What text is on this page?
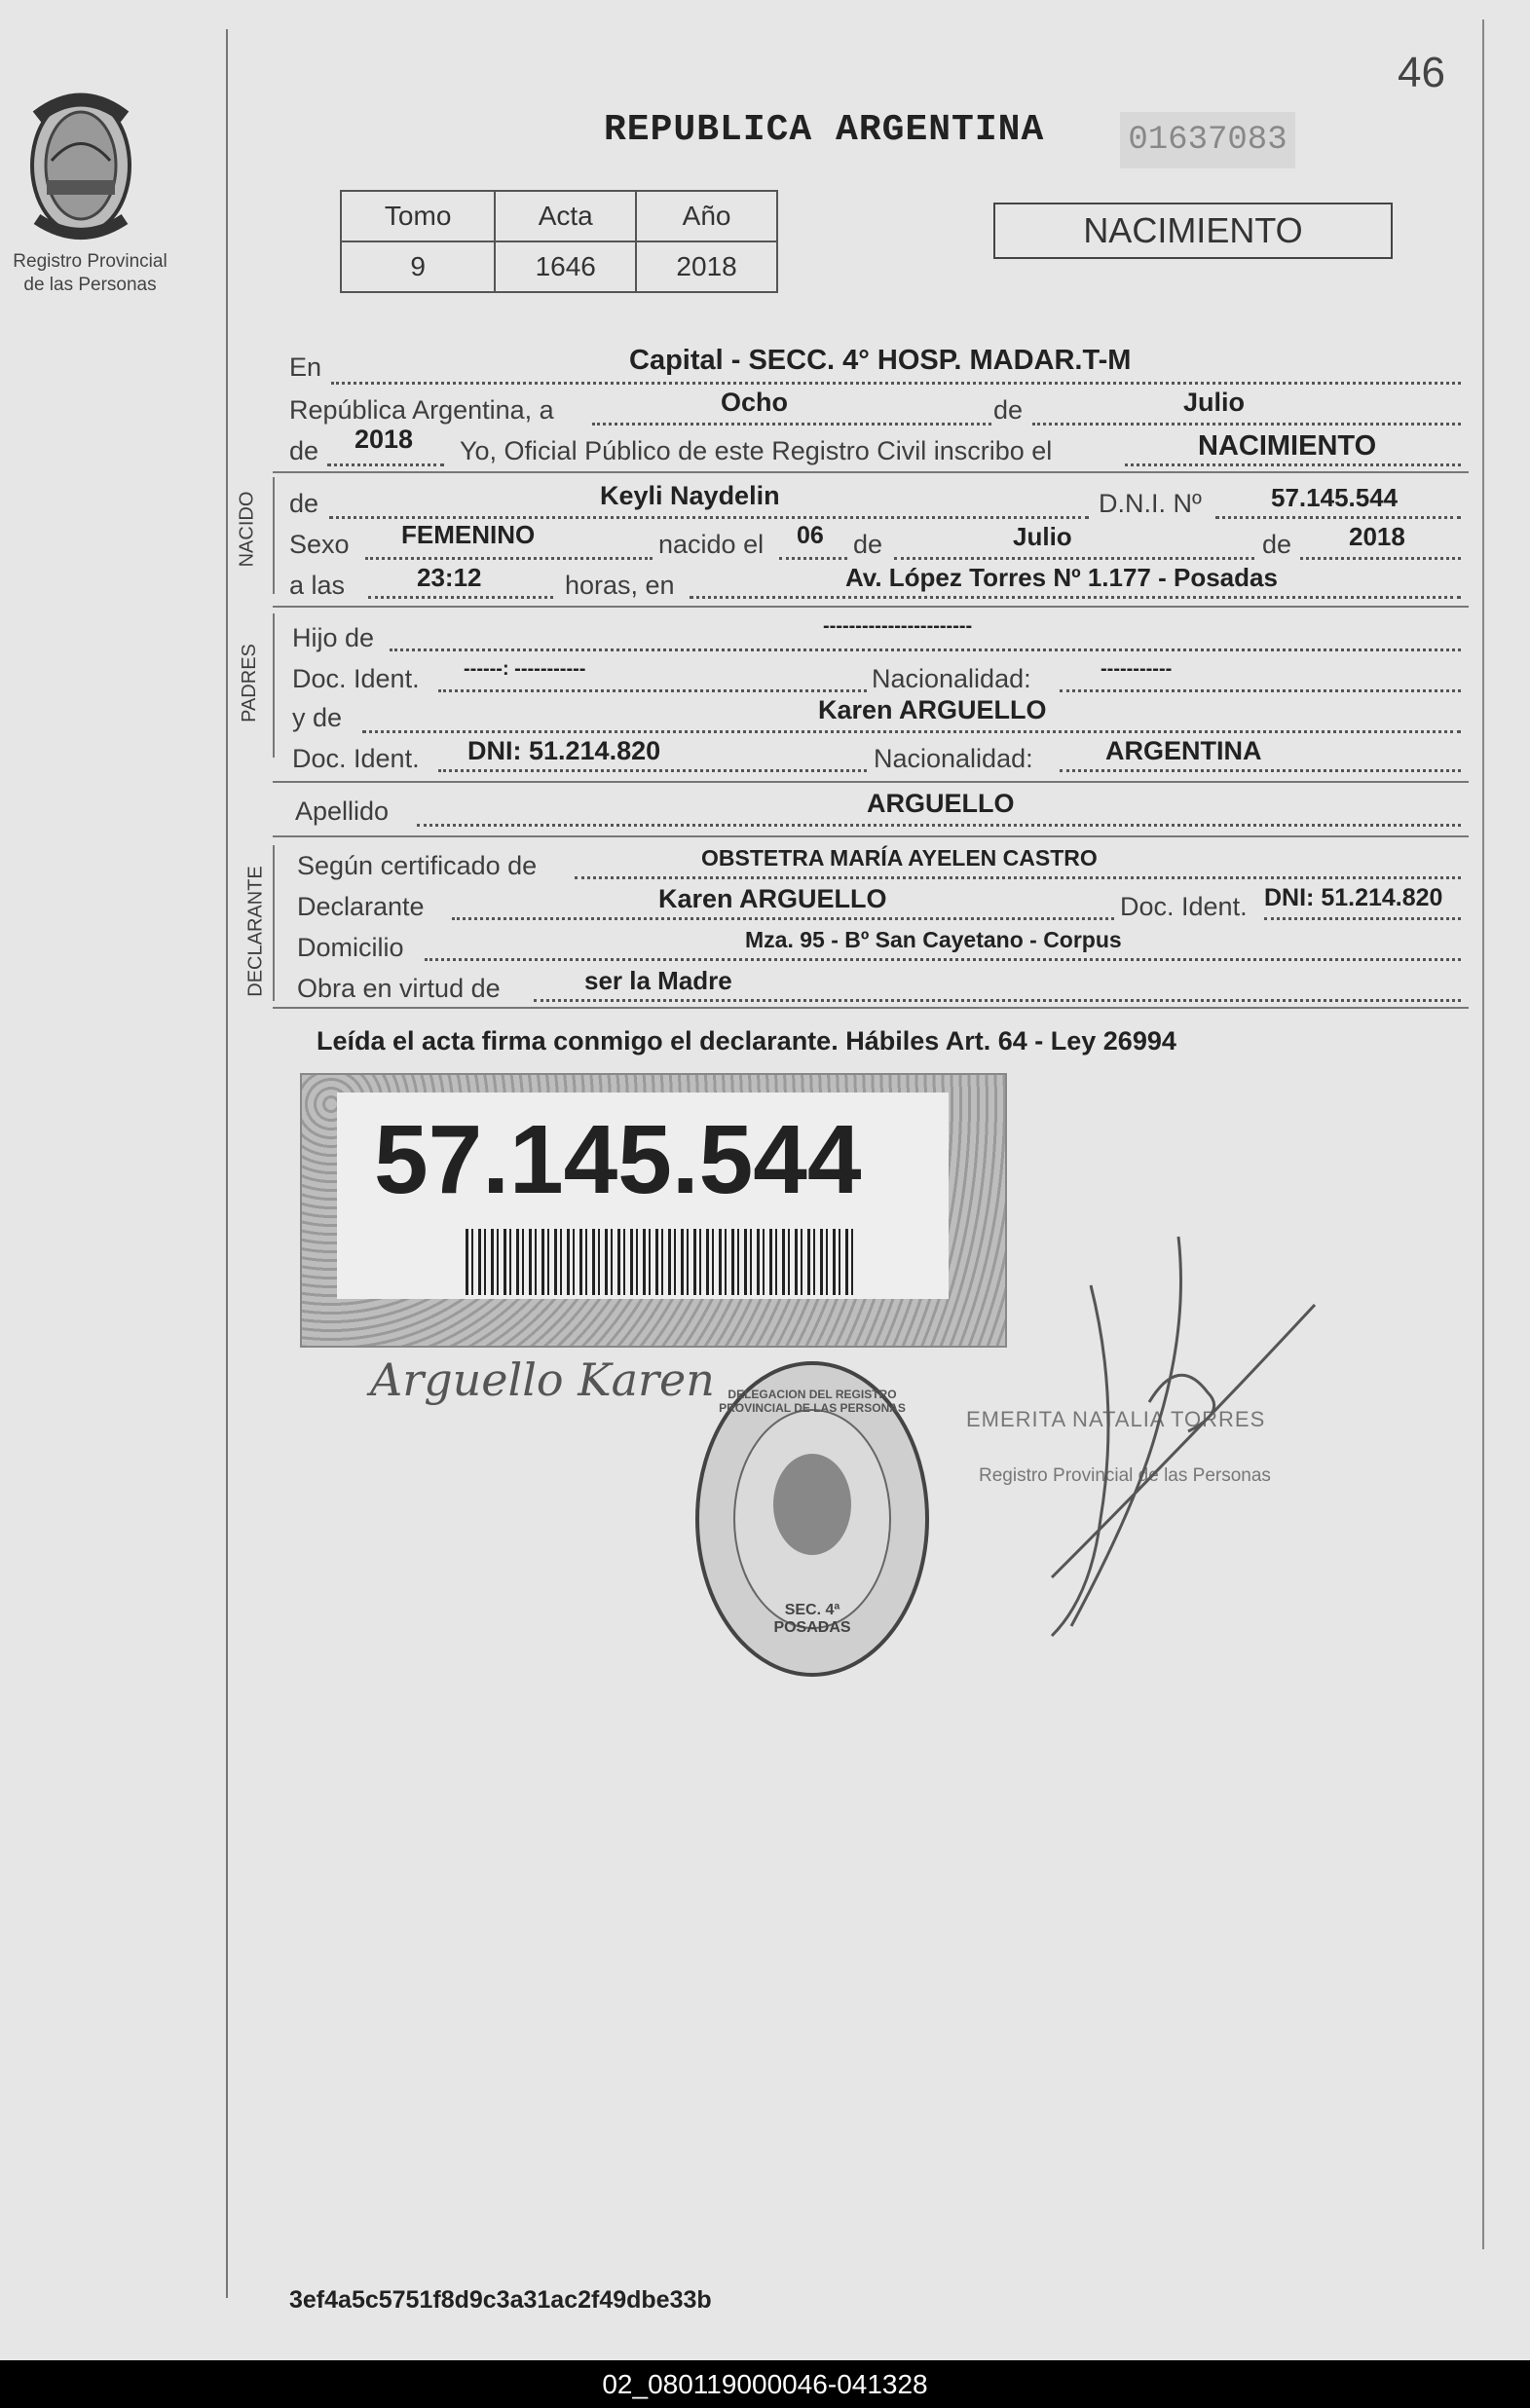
46
Registro Provincial
de las Personas
REPUBLICA ARGENTINA	01637083
Tomo	Acta	Año
9	1646	2018
NACIMIENTO
En	Capital - SECC. 4° HOSP. MADAR.T-M
República Argentina, a	Ocho	de	Julio
de 2018 Yo, Oficial Público de este Registro Civil inscribo el	NACIMIENTO
NACIDO de	Keyli Naydelin	D.N.I. Nº	57.145.544
Sexo FEMENINO	nacido el 06 de	Julio	de 2018
a las	23:12	horas, en	Av. López Torres Nº 1.177 - Posadas
PADRES
Hijo de	-----------------------
Doc. Ident. ------: -----------	Nacionalidad:	-----------
y de	Karen ARGUELLO
Doc. Ident. DNI: 51.214.820	Nacionalidad:	ARGENTINA
Apellido	ARGUELLO
DECLARANTE
Según certificado de	OBSTETRA MARÍA AYELEN CASTRO
Declarante	Karen ARGUELLO	Doc. Ident. DNI: 51.214.820
Domicilio	Mza. 95 - Bº San Cayetano - Corpus
Obra en virtud de	ser la Madre
Leída el acta firma conmigo el declarante. Hábiles Art. 64 - Ley 26994
57.145.544
Arguello Karen
SEC. 4ª POSADAS
DELEGACION DEL REGISTRO PROVINCIAL DE LAS PERSONAS	EMERITA NATALIA TORRES
Registro Provincial de las Personas
3ef4a5c5751f8d9c3a31ac2f49dbe33b
02_080119000046-041328
